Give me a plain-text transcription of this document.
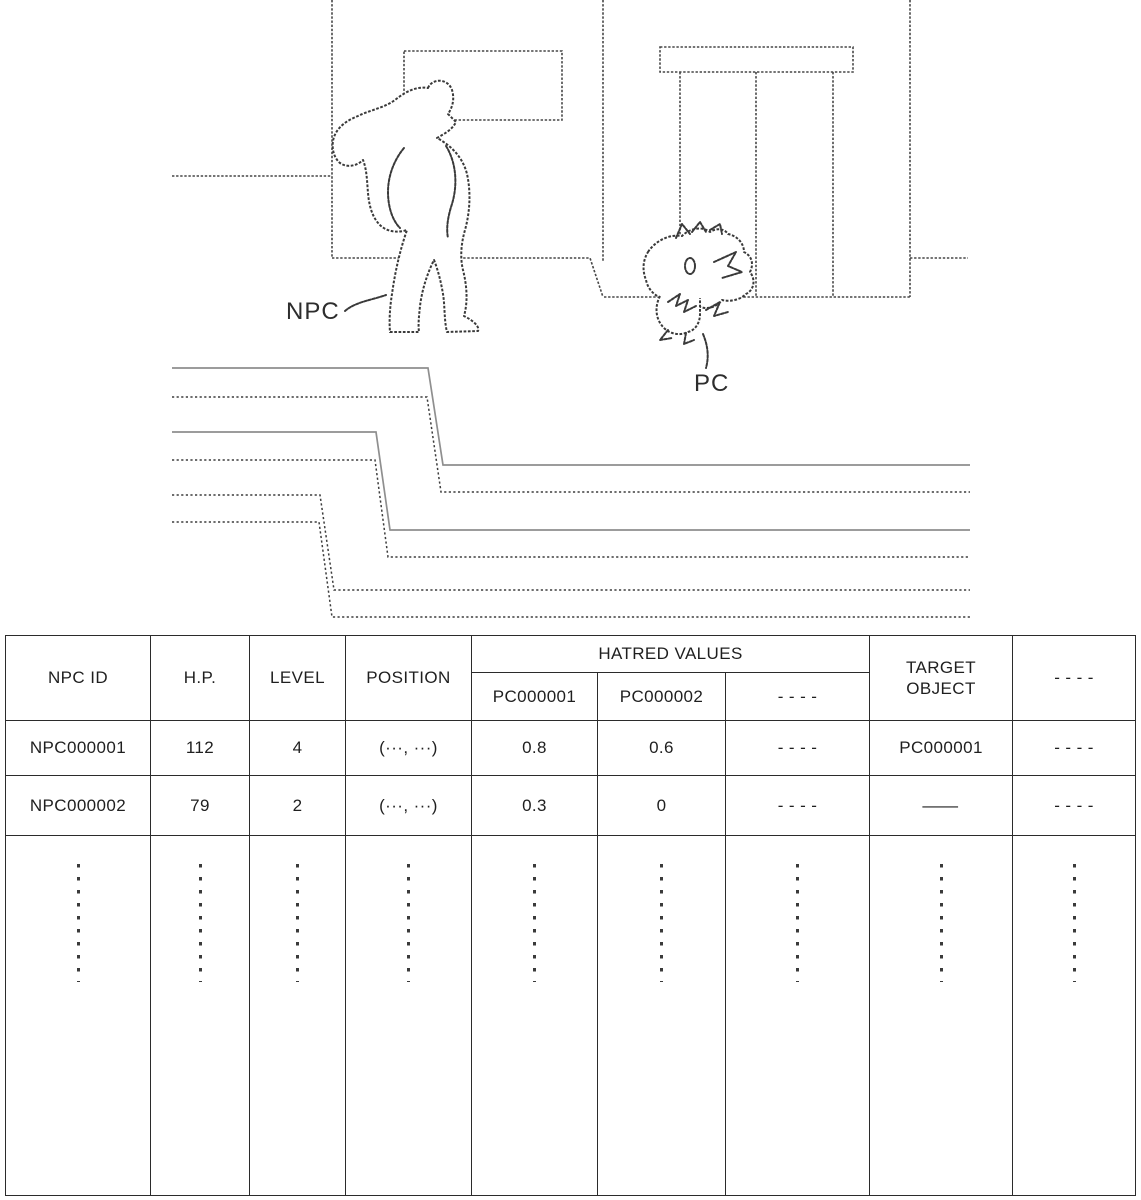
NPC
PC
NPC ID	H.P.	LEVEL	POSITION	HATRED VALUES			TARGET OBJECT	- - - -
				PC000001	PC000002	- - - -		
NPC000001	112	4	(···, ···)	0.8	0.6	- - - -	PC000001	- - - -
NPC000002	79	2	(···, ···)	0.3	0	- - - -	—	- - - -
